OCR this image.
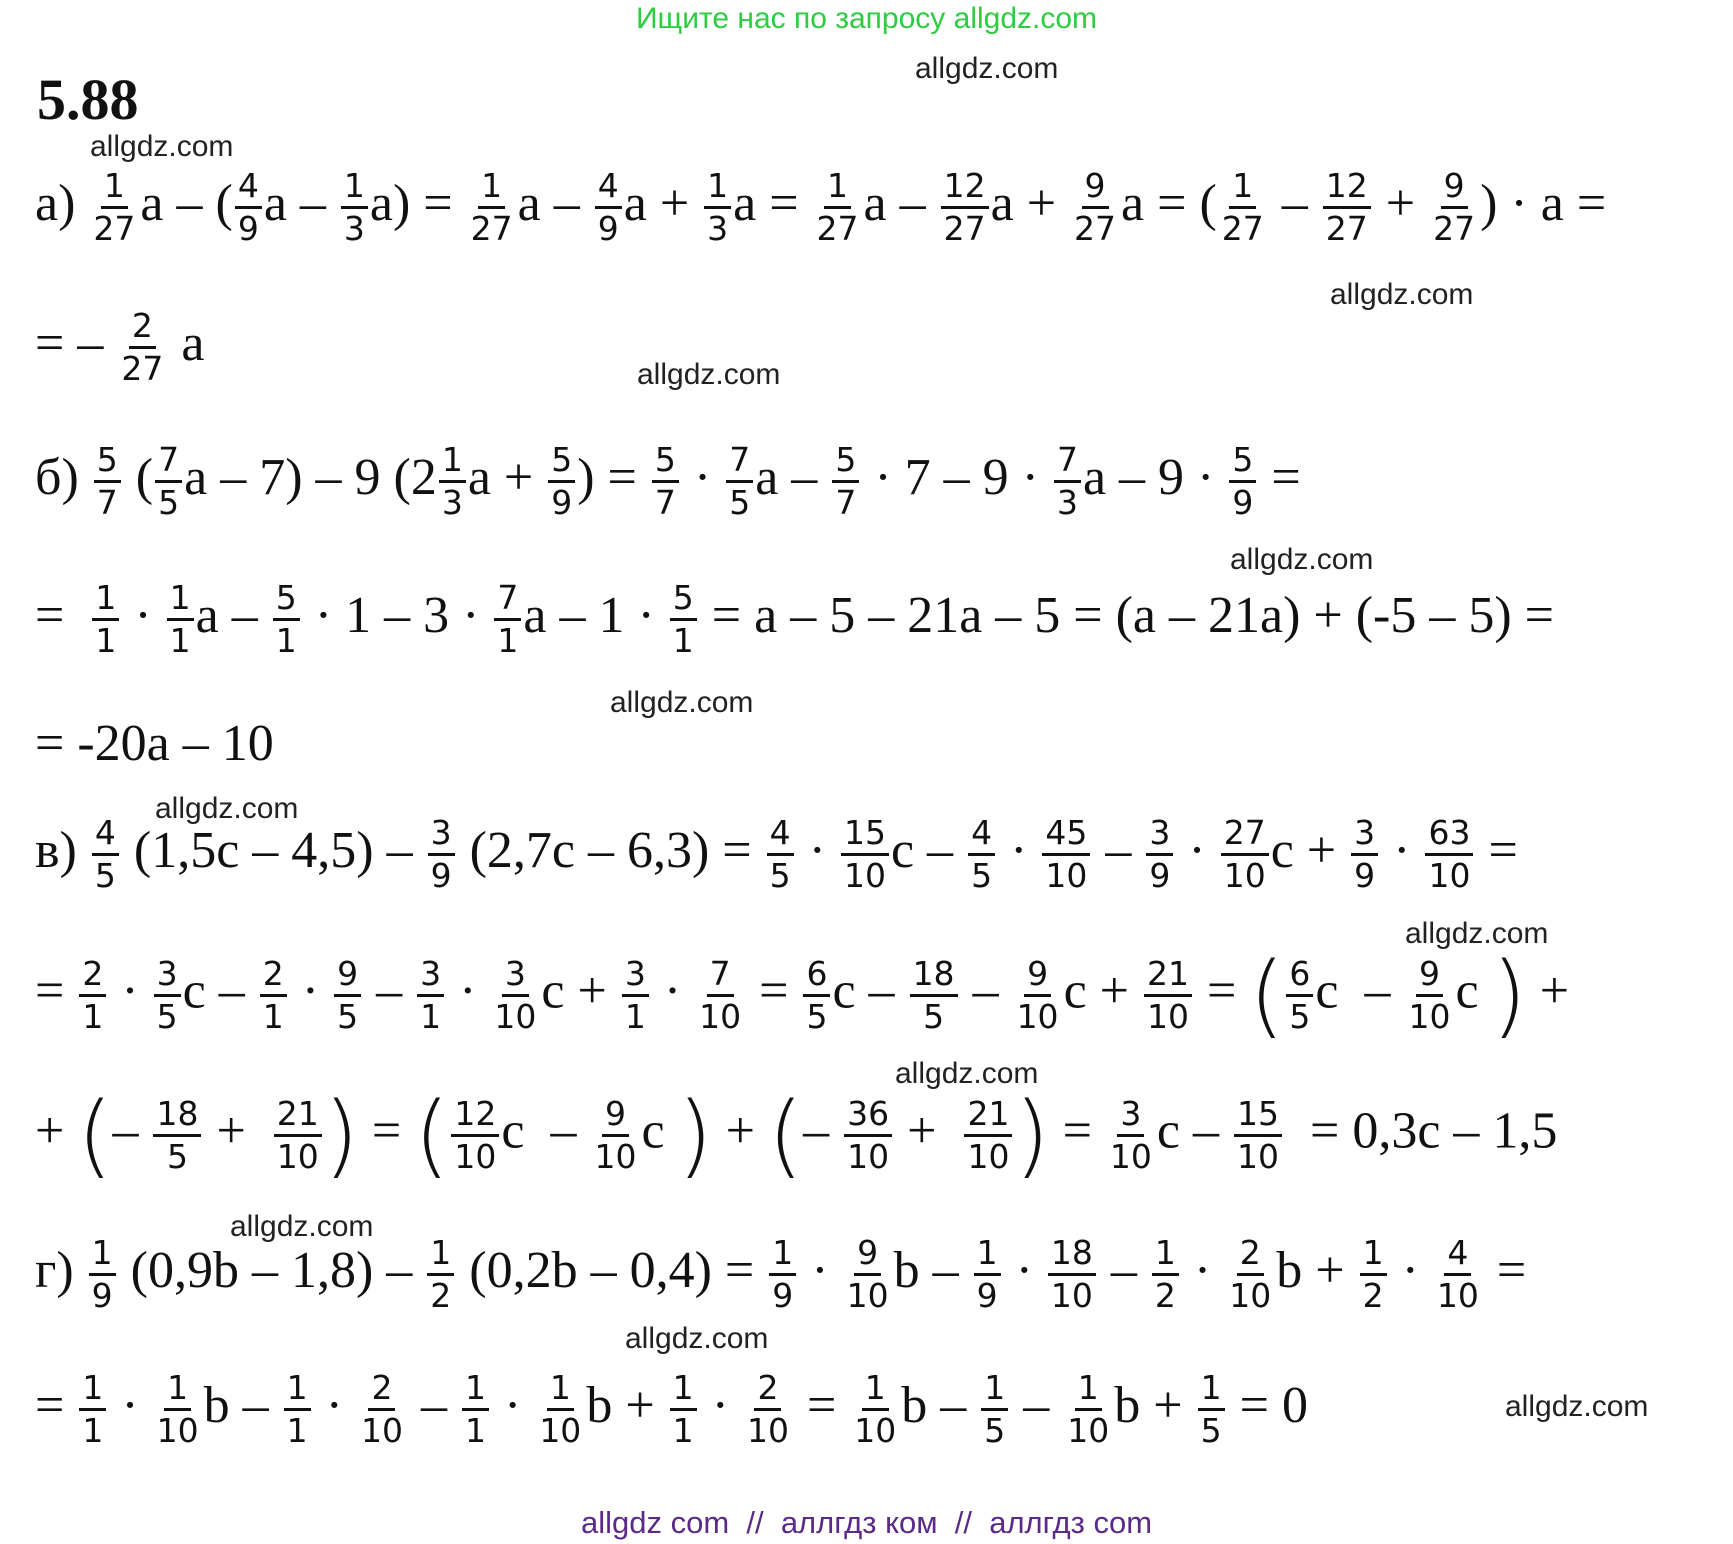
Ищите нас по запросу allgdz.com
5.88	allgdz.com
allgdz.com
allgdz.com
allgdz.com
allgdz.com
allgdz.com
allgdz.com
allgdz.com
allgdz.com
allgdz.com
allgdz.com
allgdz.com
$а) \frac{1}{27}$ a – ( $\frac{4}{9}$ $a - \frac{1}{3} a) = \frac{1}{27}$ a – $\frac{4}{9}$ $a + \frac{1}{3}$ $a = \frac{1}{27}$ a – $\frac{12}{27}$ $a + \frac{9}{27}$ a = ( $\frac{1}{27} - \frac{12}{27} + \frac{9}{27}$ ) · a =
= – $\frac{2}{27}$ a
$б) \frac{5}{7}$ ( $\frac{7}{5}$ a – 7) – 9 ($2 \frac{1}{3}$ $a + \frac{5}{9}$ ) = $\frac{5}{7} \cdot \frac{7}{5}$ $a - \frac{5}{7} \cdot 7 - 9 \cdot \frac{7}{3}$ $a - 9 \cdot \frac{5}{9}$ =
= $\frac{1}{1} \cdot \frac{1}{1}$ $a - \frac{5}{1} \cdot 1 - 3 \cdot \frac{7}{1}$ $a - 1 \cdot \frac{5}{1} = a - 5 - 21a - 5 = (a - 21a) + (-5 - 5)$ =
= -20a – 10
$в) \frac{4}{5} (1,5c - 4,5) - \frac{3}{9} (2,7c - 6,3) = \frac{4}{5} \cdot \frac{15}{10}$ $c - \frac{4}{5} \cdot \frac{45}{10} - \frac{3}{9} \cdot \frac{27}{10}$ $c + \frac{3}{9} \cdot \frac{63}{10}$ =
= $\frac{2}{1} \cdot \frac{3}{5}$ $c - \frac{2}{1} \cdot \frac{9}{5} - \frac{3}{1} \cdot \frac{3}{10}$ $c + \frac{3}{1} \cdot \frac{7}{10} = \frac{6}{5}$ c – $\frac{18}{5} - \frac{9}{10}$ $c + \frac{21}{10}$ = ( $\frac{6}{5}$ c  – $\frac{9}{10}$ c ) +
+ (– $\frac{18}{5} + \frac{21}{10}$ ) = ( $\frac{12}{10}$ c  – $\frac{9}{10}$ c ) + (– $\frac{36}{10} + \frac{21}{10}$ ) = $\frac{3}{10}$ $c - \frac{15}{10} = 0,3c - 1,5$
$г) \frac{1}{9} (0,9b - 1,8) - \frac{1}{2} (0,2b - 0,4) = \frac{1}{9} \cdot \frac{9}{10}$ $b - \frac{1}{9} \cdot \frac{18}{10} - \frac{1}{2} \cdot \frac{2}{10}$ $b + \frac{1}{2} \cdot \frac{4}{10}$ =
= $\frac{1}{1} \cdot \frac{1}{10}$ $b - \frac{1}{1} \cdot \frac{2}{10} - \frac{1}{1} \cdot \frac{1}{10}$ $b + \frac{1}{1} \cdot \frac{2}{10} = \frac{1}{10}$ b – $\frac{1}{5} - \frac{1}{10}$ $b + \frac{1}{5} = 0$
allgdz com  //  аллгдз ком  //  аллгдз com
